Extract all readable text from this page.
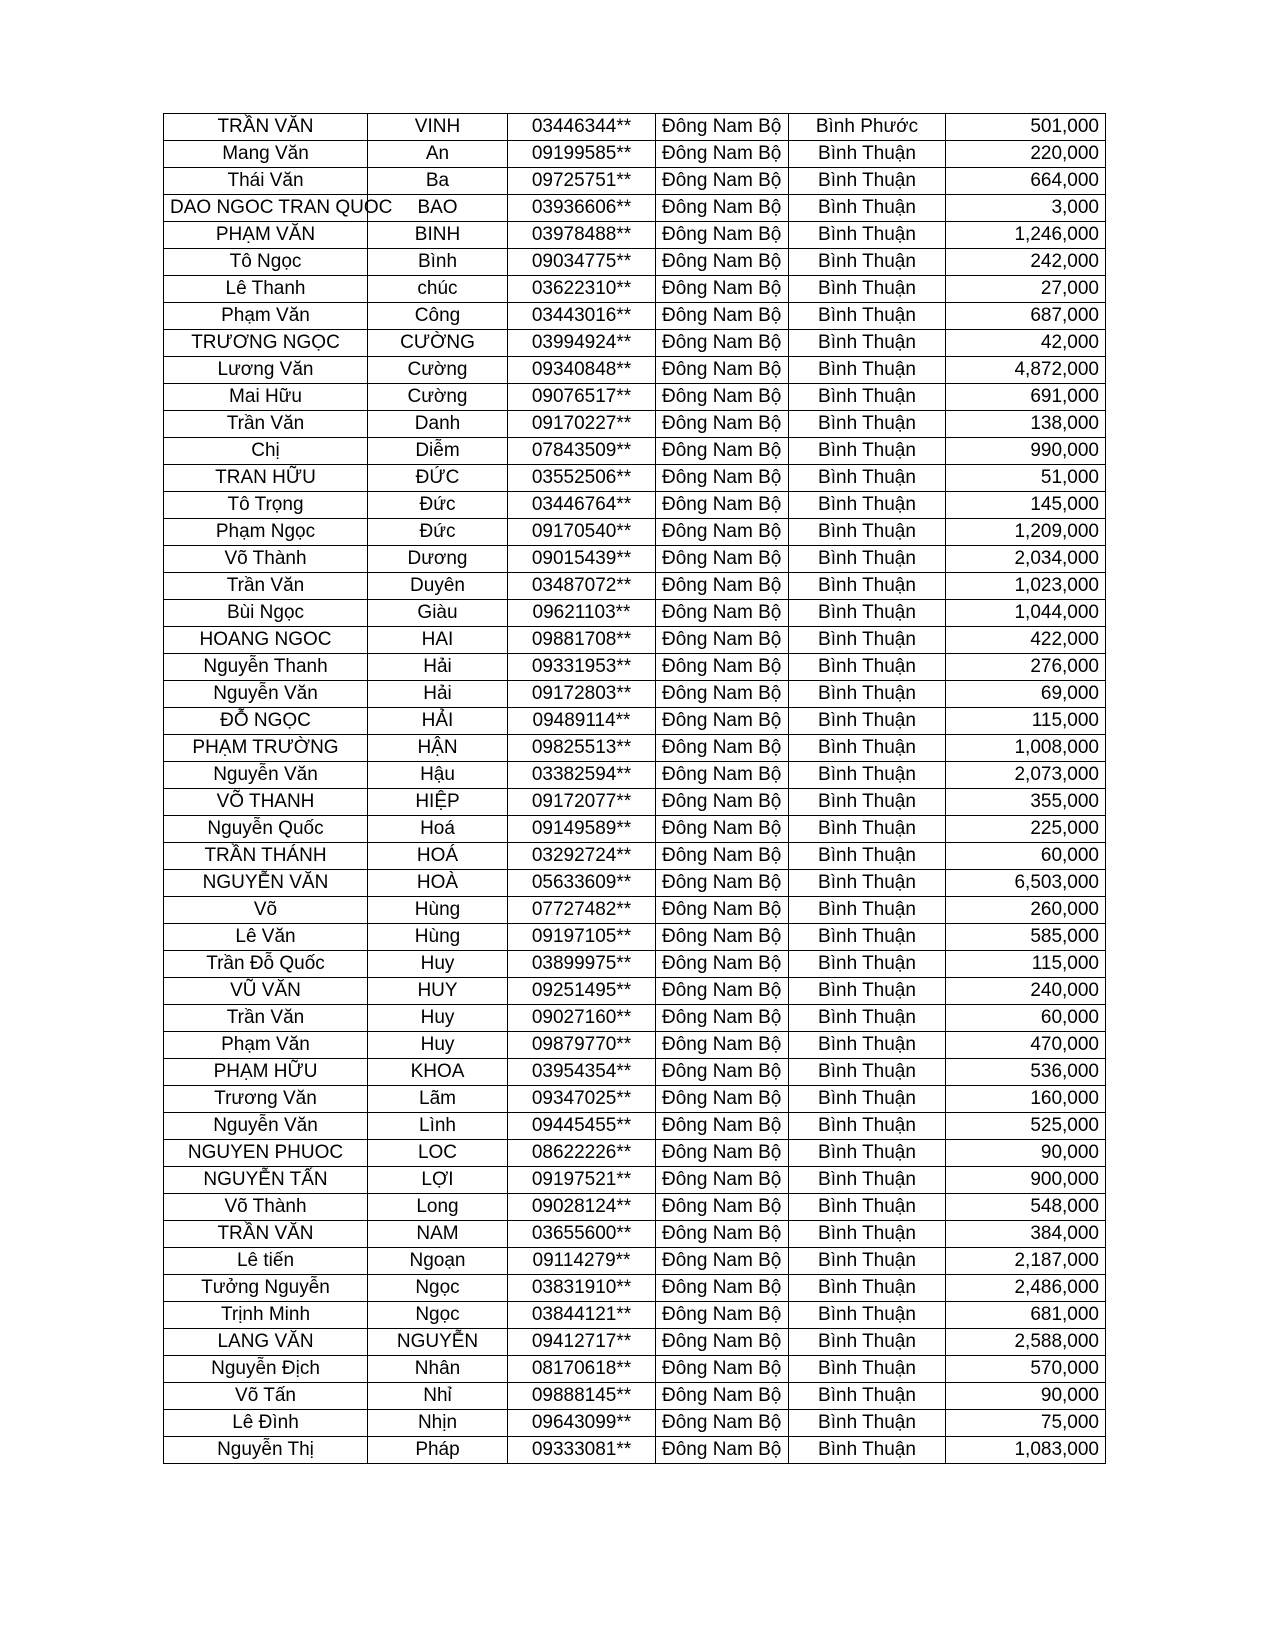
TRẦN VĂN	VINH	03446344**	Đông Nam Bộ	Bình Phước	501,000
Mang Văn	An	09199585**	Đông Nam Bộ	Bình Thuận	220,000
Thái Văn	Ba	09725751**	Đông Nam Bộ	Bình Thuận	664,000
DAO NGOC TRAN QUOC	BAO	03936606**	Đông Nam Bộ	Bình Thuận	3,000
PHẠM VĂN	BINH	03978488**	Đông Nam Bộ	Bình Thuận	1,246,000
Tô Ngọc	Bình	09034775**	Đông Nam Bộ	Bình Thuận	242,000
Lê Thanh	chúc	03622310**	Đông Nam Bộ	Bình Thuận	27,000
Phạm Văn	Công	03443016**	Đông Nam Bộ	Bình Thuận	687,000
TRƯƠNG NGỌC	CƯỜNG	03994924**	Đông Nam Bộ	Bình Thuận	42,000
Lương Văn	Cường	09340848**	Đông Nam Bộ	Bình Thuận	4,872,000
Mai Hữu	Cường	09076517**	Đông Nam Bộ	Bình Thuận	691,000
Trần Văn	Danh	09170227**	Đông Nam Bộ	Bình Thuận	138,000
Chị	Diễm	07843509**	Đông Nam Bộ	Bình Thuận	990,000
TRAN HỮU	ĐỨC	03552506**	Đông Nam Bộ	Bình Thuận	51,000
Tô Trọng	Đức	03446764**	Đông Nam Bộ	Bình Thuận	145,000
Phạm Ngọc	Đức	09170540**	Đông Nam Bộ	Bình Thuận	1,209,000
Võ Thành	Dương	09015439**	Đông Nam Bộ	Bình Thuận	2,034,000
Trần Văn	Duyên	03487072**	Đông Nam Bộ	Bình Thuận	1,023,000
Bùi Ngọc	Giàu	09621103**	Đông Nam Bộ	Bình Thuận	1,044,000
HOANG NGOC	HAI	09881708**	Đông Nam Bộ	Bình Thuận	422,000
Nguyễn Thanh	Hải	09331953**	Đông Nam Bộ	Bình Thuận	276,000
Nguyễn Văn	Hải	09172803**	Đông Nam Bộ	Bình Thuận	69,000
ĐỖ NGỌC	HẢI	09489114**	Đông Nam Bộ	Bình Thuận	115,000
PHẠM TRƯỜNG	HẬN	09825513**	Đông Nam Bộ	Bình Thuận	1,008,000
Nguyễn Văn	Hậu	03382594**	Đông Nam Bộ	Bình Thuận	2,073,000
VÕ THANH	HIỆP	09172077**	Đông Nam Bộ	Bình Thuận	355,000
Nguyễn Quốc	Hoá	09149589**	Đông Nam Bộ	Bình Thuận	225,000
TRẦN THÁNH	HOÁ	03292724**	Đông Nam Bộ	Bình Thuận	60,000
NGUYỄN VĂN	HOÀ	05633609**	Đông Nam Bộ	Bình Thuận	6,503,000
Võ	Hùng	07727482**	Đông Nam Bộ	Bình Thuận	260,000
Lê Văn	Hùng	09197105**	Đông Nam Bộ	Bình Thuận	585,000
Trần Đỗ Quốc	Huy	03899975**	Đông Nam Bộ	Bình Thuận	115,000
VŨ VĂN	HUY	09251495**	Đông Nam Bộ	Bình Thuận	240,000
Trần Văn	Huy	09027160**	Đông Nam Bộ	Bình Thuận	60,000
Phạm Văn	Huy	09879770**	Đông Nam Bộ	Bình Thuận	470,000
PHẠM HỮU	KHOA	03954354**	Đông Nam Bộ	Bình Thuận	536,000
Trương Văn	Lãm	09347025**	Đông Nam Bộ	Bình Thuận	160,000
Nguyễn Văn	Lình	09445455**	Đông Nam Bộ	Bình Thuận	525,000
NGUYEN PHUOC	LOC	08622226**	Đông Nam Bộ	Bình Thuận	90,000
NGUYỄN TẤN	LỢI	09197521**	Đông Nam Bộ	Bình Thuận	900,000
Võ Thành	Long	09028124**	Đông Nam Bộ	Bình Thuận	548,000
TRẦN VĂN	NAM	03655600**	Đông Nam Bộ	Bình Thuận	384,000
Lê tiến	Ngoạn	09114279**	Đông Nam Bộ	Bình Thuận	2,187,000
Tưởng Nguyễn	Ngọc	03831910**	Đông Nam Bộ	Bình Thuận	2,486,000
Trịnh Minh	Ngọc	03844121**	Đông Nam Bộ	Bình Thuận	681,000
LANG VĂN	NGUYỄN	09412717**	Đông Nam Bộ	Bình Thuận	2,588,000
Nguyễn Địch	Nhân	08170618**	Đông Nam Bộ	Bình Thuận	570,000
Võ Tấn	Nhỉ	09888145**	Đông Nam Bộ	Bình Thuận	90,000
Lê Đình	Nhịn	09643099**	Đông Nam Bộ	Bình Thuận	75,000
Nguyễn Thị	Pháp	09333081**	Đông Nam Bộ	Bình Thuận	1,083,000
